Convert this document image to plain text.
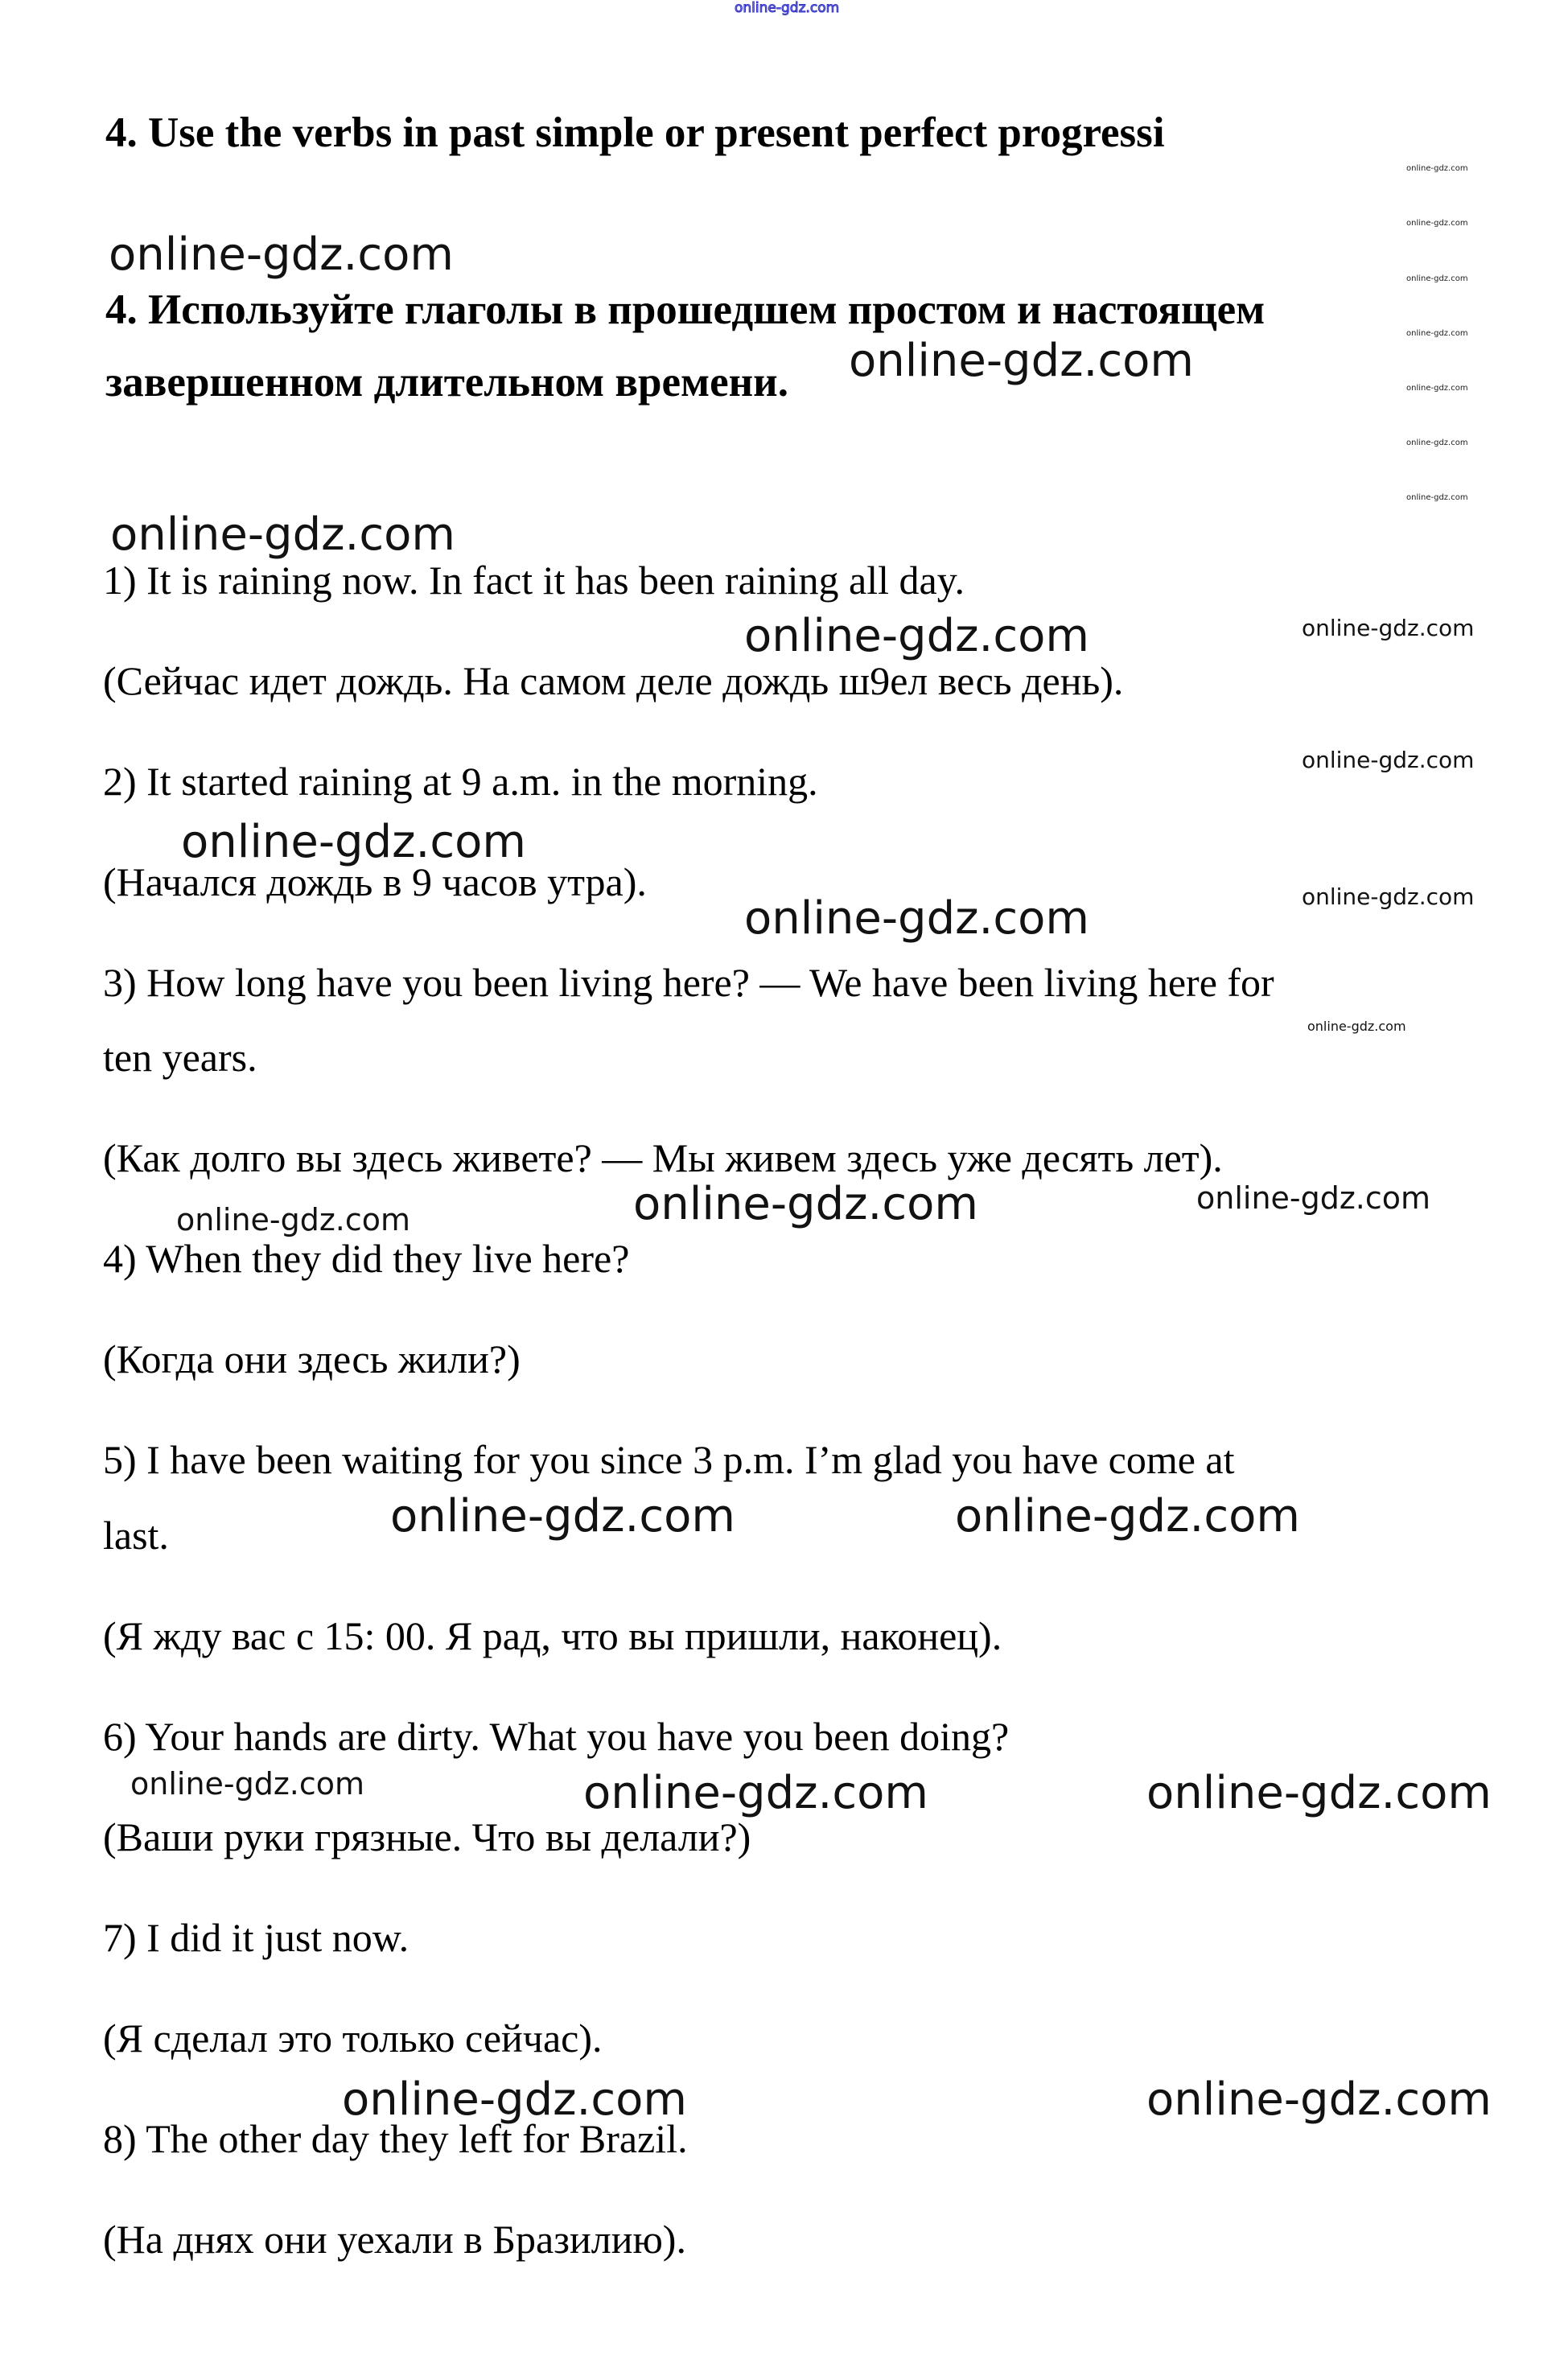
online-gdz.com
online-gdz.com
online-gdz.com
online-gdz.com
online-gdz.com
online-gdz.com
online-gdz.com
online-gdz.com
4. Use the verbs in past simple or present perfect progressi
online-gdz.com
4. Используйте глаголы в прошедшем простом и настоящем
online-gdz.com
завершенном длительном времени.
online-gdz.com
1) It is raining now. In fact it has been raining all day.
online-gdz.com	online-gdz.com
(Сейчас идет дождь. На самом деле дождь ш9ел весь день).
online-gdz.com
2) It started raining at 9 a.m. in the morning.
online-gdz.com
(Начался дождь в 9 часов утра).
online-gdz.com	online-gdz.com
3) How long have you been living here? — We have been living here for
online-gdz.com
ten years.
(Как долго вы здесь живете? — Мы живем здесь уже десять лет).
online-gdz.com	online-gdz.com
online-gdz.com
4) When they did they live here?
(Когда они здесь жили?)
5) I have been waiting for you since 3 p.m. I’m glad you have come at
online-gdz.com	online-gdz.com
last.
(Я жду вас с 15: 00. Я рад, что вы пришли, наконец).
6) Your hands are dirty. What you have you been doing?
online-gdz.com	online-gdz.com	online-gdz.com
(Ваши руки грязные. Что вы делали?)
7) I did it just now.
(Я сделал это только сейчас).
online-gdz.com	online-gdz.com
8) The other day they left for Brazil.
(На днях они уехали в Бразилию).
